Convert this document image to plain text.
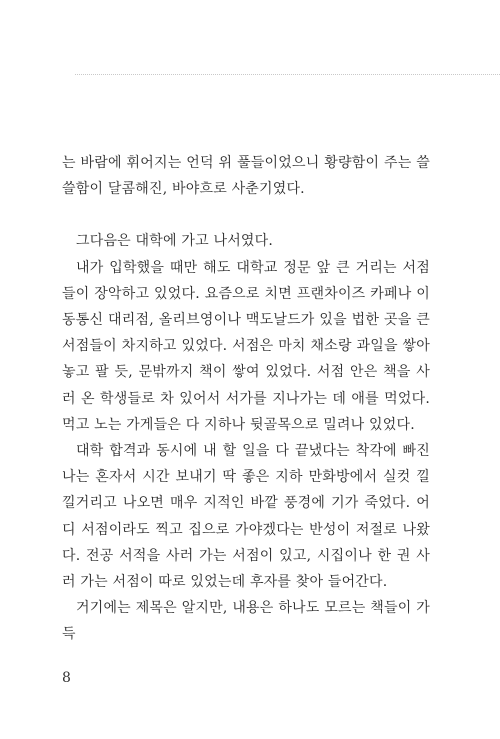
는 바람에 휘어지는 언덕 위 풀들이었으니 황량함이 주는 쓸쓸함이 달콤해진, 바야흐로 사춘기였다.

그다음은 대학에 가고 나서였다.

내가 입학했을 때만 해도 대학교 정문 앞 큰 거리는 서점들이 장악하고 있었다. 요즘으로 치면 프랜차이즈 카페나 이동통신 대리점, 올리브영이나 맥도날드가 있을 법한 곳을 큰 서점들이 차지하고 있었다. 서점은 마치 채소랑 과일을 쌓아놓고 팔 듯, 문밖까지 책이 쌓여 있었다. 서점 안은 책을 사러 온 학생들로 차 있어서 서가를 지나가는 데 애를 먹었다. 먹고 노는 가게들은 다 지하나 뒷골목으로 밀려나 있었다.

대학 합격과 동시에 내 할 일을 다 끝냈다는 착각에 빠진 나는 혼자서 시간 보내기 딱 좋은 지하 만화방에서 실컷 낄낄거리고 나오면 매우 지적인 바깥 풍경에 기가 죽었다. 어디 서점이라도 찍고 집으로 가야겠다는 반성이 저절로 나왔다. 전공 서적을 사러 가는 서점이 있고, 시집이나 한 권 사러 가는 서점이 따로 있었는데 후자를 찾아 들어간다.

거기에는 제목은 알지만, 내용은 하나도 모르는 책들이 가득

8
